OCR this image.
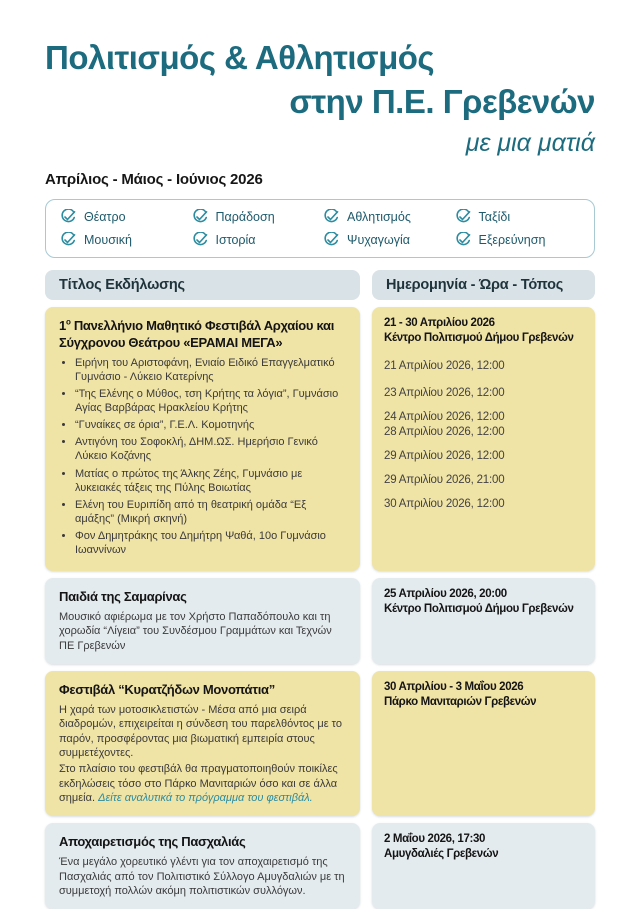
Πολιτισμός & Αθλητισμός
στην Π.Ε. Γρεβενών
με μια ματιά
Απρίλιος - Μάιος - Ιούνιος 2026
Θέατρο
Μουσική
Παράδοση
Ιστορία
Αθλητισμός
Ψυχαγωγία
Ταξίδι
Εξερεύνηση
Τίτλος Εκδήλωσης	Ημερομηνία - Ώρα - Τόπος
$1^o$ Πανελλήνιο Μαθητικό Φεστιβάλ Αρχαίου και Σύγχρονου Θεάτρου «ΕΡΑΜΑΙ ΜΕΓΑ»
• Ειρήνη του Αριστοφάνη, Ενιαίο Ειδικό Επαγγελματικό Γυμνάσιο - Λύκειο Κατερίνης
• “Της Ελένης ο Μύθος, τση Κρήτης τα λόγια”, Γυμνάσιο Αγίας Βαρβάρας Ηρακλείου Κρήτης
• “Γυναίκες σε όρια”, Γ.Ε.Λ. Κομοτηνής
• Αντιγόνη του Σοφοκλή, ΔΗΜ.ΩΣ. Ημερήσιο Γενικό Λύκειο Κοζάνης
• Ματίας ο πρώτος της Άλκης Ζέης, Γυμνάσιο με λυκειακές τάξεις της Πύλης Βοιωτίας
• Ελένη του Ευριπίδη από τη θεατρική ομάδα “Εξ αμάξης” (Μικρή σκηνή)
• Φον Δημητράκης του Δημήτρη Ψαθά, 10ο Γυμνάσιο Ιωαννίνων
21 - 30 Απριλίου 2026
Κέντρο Πολιτισμού Δήμου Γρεβενών

21 Απριλίου 2026, 12:00

23 Απριλίου 2026, 12:00

24 Απριλίου 2026, 12:00

28 Απριλίου 2026, 12:00

29 Απριλίου 2026, 12:00

29 Απριλίου 2026, 21:00

30 Απριλίου 2026, 12:00

Παιδιά της Σαμαρίνας

Μουσικό αφιέρωμα με τον Χρήστο Παπαδόπουλο και τη χορωδία “Λίγεια” του Συνδέσμου Γραμμάτων και Τεχνών ΠΕ Γρεβενών

25 Απριλίου 2026, 20:00
Κέντρο Πολιτισμού Δήμου Γρεβενών
Φεστιβάλ “Κυρατζήδων Μονοπάτια”

Η χαρά των μοτοσικλετιστών - Μέσα από μια σειρά διαδρομών, επιχειρείται η σύνδεση του παρελθόντος με το παρόν, προσφέροντας μια βιωματική εμπειρία στους συμμετέχοντες.

Στο πλαίσιο του φεστιβάλ θα πραγματοποιηθούν ποικίλες εκδηλώσεις τόσο στο Πάρκο Μανιταριών όσο και σε άλλα σημεία. Δείτε αναλυτικά το πρόγραμμα του φεστιβάλ.

30 Απριλίου - 3 Μαΐου 2026
Πάρκο Μανιταριών Γρεβενών
Αποχαιρετισμός της Πασχαλιάς

Ένα μεγάλο χορευτικό γλέντι για τον αποχαιρετισμό της Πασχαλιάς από τον Πολιτιστικό Σύλλογο Αμυγδαλιών με τη συμμετοχή πολλών ακόμη πολιτιστικών συλλόγων.

2 Μαΐου 2026, 17:30
Αμυγδαλιές Γρεβενών
